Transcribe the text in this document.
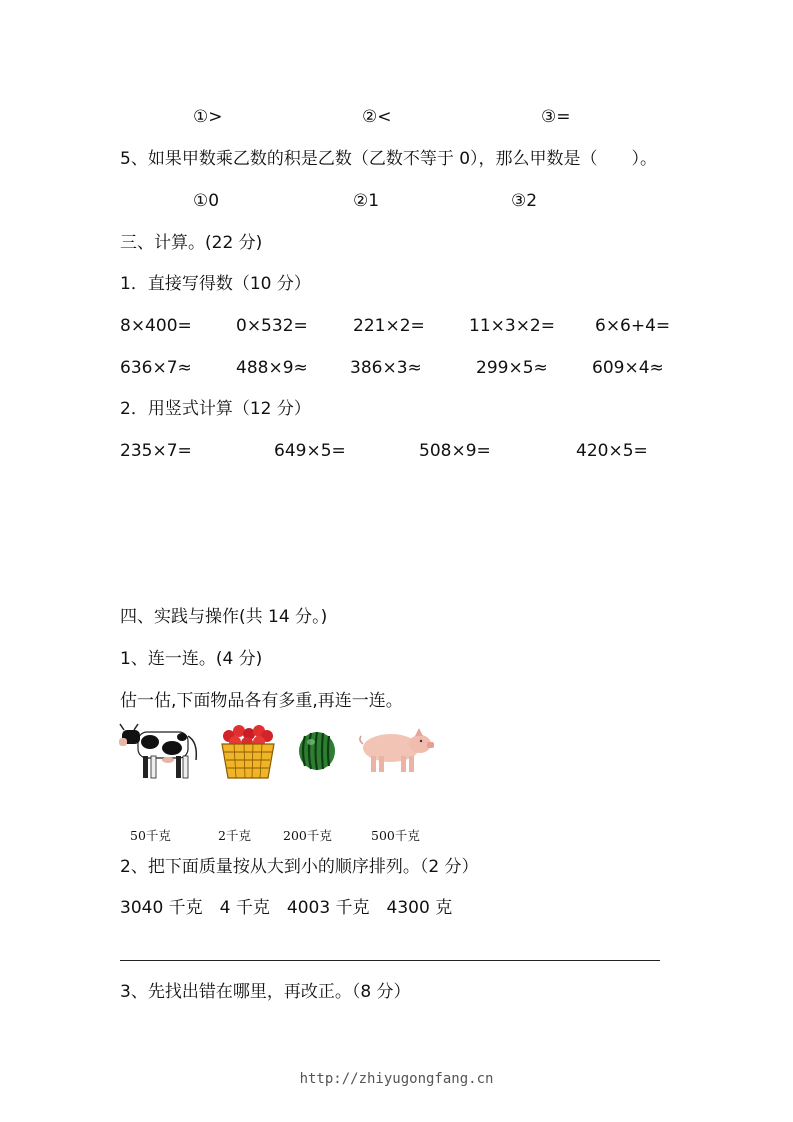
①>	②<	③=
5、如果甲数乘乙数的积是乙数（乙数不等于 0），那么甲数是（　　）。
①0	②1	③2
三、计算。(22 分)
1．直接写得数（10 分）
8×400=	0×532=	221×2=	11×3×2= 6×6+4=
636×7≈	488×9≈ 386×3≈	299×5≈	609×4≈
2．用竖式计算（12 分）
235×7=	649×5=	508×9=	420×5=
四、实践与操作(共 14 分。)
1、连一连。(4 分)
估一估,下面物品各有多重,再连一连。
50千克	2千克	200千克	500千克
2、把下面质量按从大到小的顺序排列。（2 分）
3040 千克　4 千克　4003 千克　4300 克
3、先找出错在哪里，再改正。（8 分）
http://zhiyugongfang.cn
